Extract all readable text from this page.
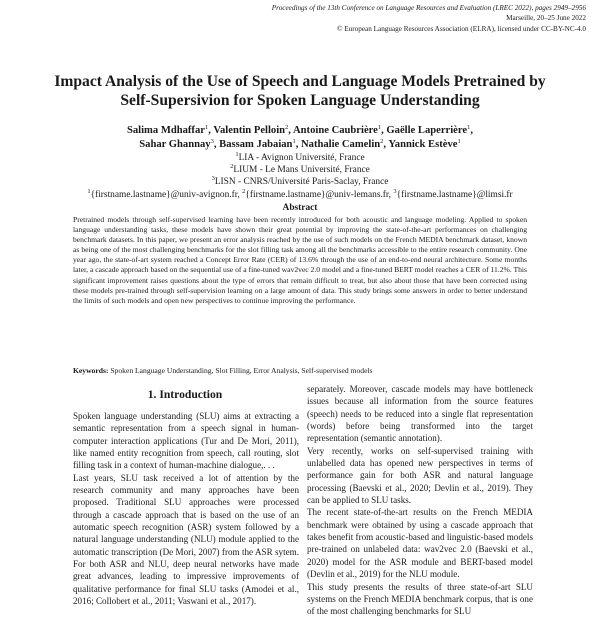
Proceedings of the 13th Conference on Language Resources and Evaluation (LREC 2022), pages 2949–2956
Marseille, 20–25 June 2022
© European Language Resources Association (ELRA), licensed under CC-BY-NC-4.0
Impact Analysis of the Use of Speech and Language Models Pretrained by
Self-Supersivion for Spoken Language Understanding
Salima Mdhaffar$^1$, Valentin Pelloin$^2$, Antoine Caubrière$^1$, Gaëlle Laperrière$^1$,
Sahar Ghannay$^3$, Bassam Jabaian$^1$, Nathalie Camelin$^2$, Yannick Estève$^1$
$^1$LIA - Avignon Université, France
$^2$LIUM - Le Mans Université, France
$^3$LISN - CNRS/Université Paris-Saclay, France
$^1${firstname.lastname}@univ-avignon.fr, $^2${firstname.lastname}@univ-lemans.fr, $^3${firstname.lastname}@limsi.fr
Abstract
Pretrained models through self-supervised learning have been recently introduced for both acoustic and language modeling. Applied to spoken language understanding tasks, these models have shown their great potential by improving the state-of-the-art performances on challenging benchmark datasets. In this paper, we present an error analysis reached by the use of such models on the French MEDIA benchmark dataset, known as being one of the most challenging benchmarks for the slot filling task among all the benchmarks accessible to the entire research community. One year ago, the state-of-art system reached a Concept Error Rate (CER) of 13.6% through the use of an end-to-end neural architecture. Some months later, a cascade approach based on the sequential use of a fine-tuned wav2vec 2.0 model and a fine-tuned BERT model reaches a CER of 11.2%. This significant improvement raises questions about the type of errors that remain difficult to treat, but also about those that have been corrected using these models pre-trained through self-supervision learning on a large amount of data. This study brings some answers in order to better understand the limits of such models and open new perspectives to continue improving the performance.
Keywords: Spoken Language Understanding, Slot Filling, Error Analysis, Self-supervised models
1. Introduction

Spoken language understanding (SLU) aims at extracting a semantic representation from a speech signal in human-computer interaction applications (Tur and De Mori, 2011), like named entity recognition from speech, call routing, slot filling task in a context of human-machine dialogue,. . .

Last years, SLU task received a lot of attention by the research community and many approaches have been proposed. Traditional SLU approaches were processed through a cascade approach that is based on the use of an automatic speech recognition (ASR) system followed by a natural language understanding (NLU) module applied to the automatic transcription (De Mori, 2007) from the ASR sytem. For both ASR and NLU, deep neural networks have made great advances, leading to impressive improvements of qualitative performance for final SLU tasks (Amodei et al., 2016; Collobert et al., 2011; Vaswani et al., 2017).

separately. Moreover, cascade models may have bottleneck issues because all information from the source features (speech) needs to be reduced into a single flat representation (words) before being transformed into the target representation (semantic annotation).

Very recently, works on self-supervised training with unlabelled data has opened new perspectives in terms of performance gain for both ASR and natural language processing (Baevski et al., 2020; Devlin et al., 2019). They can be applied to SLU tasks.

The recent state-of-the-art results on the French MEDIA benchmark were obtained by using a cascade approach that takes benefit from acoustic-based and linguistic-based models pre-trained on unlabeled data: wav2vec 2.0 (Baevski et al., 2020) model for the ASR module and BERT-based model (Devlin et al., 2019) for the NLU module.

This study presents the results of three state-of-art SLU systems on the French MEDIA benchmark corpus, that is one of the most challenging benchmarks for SLU
